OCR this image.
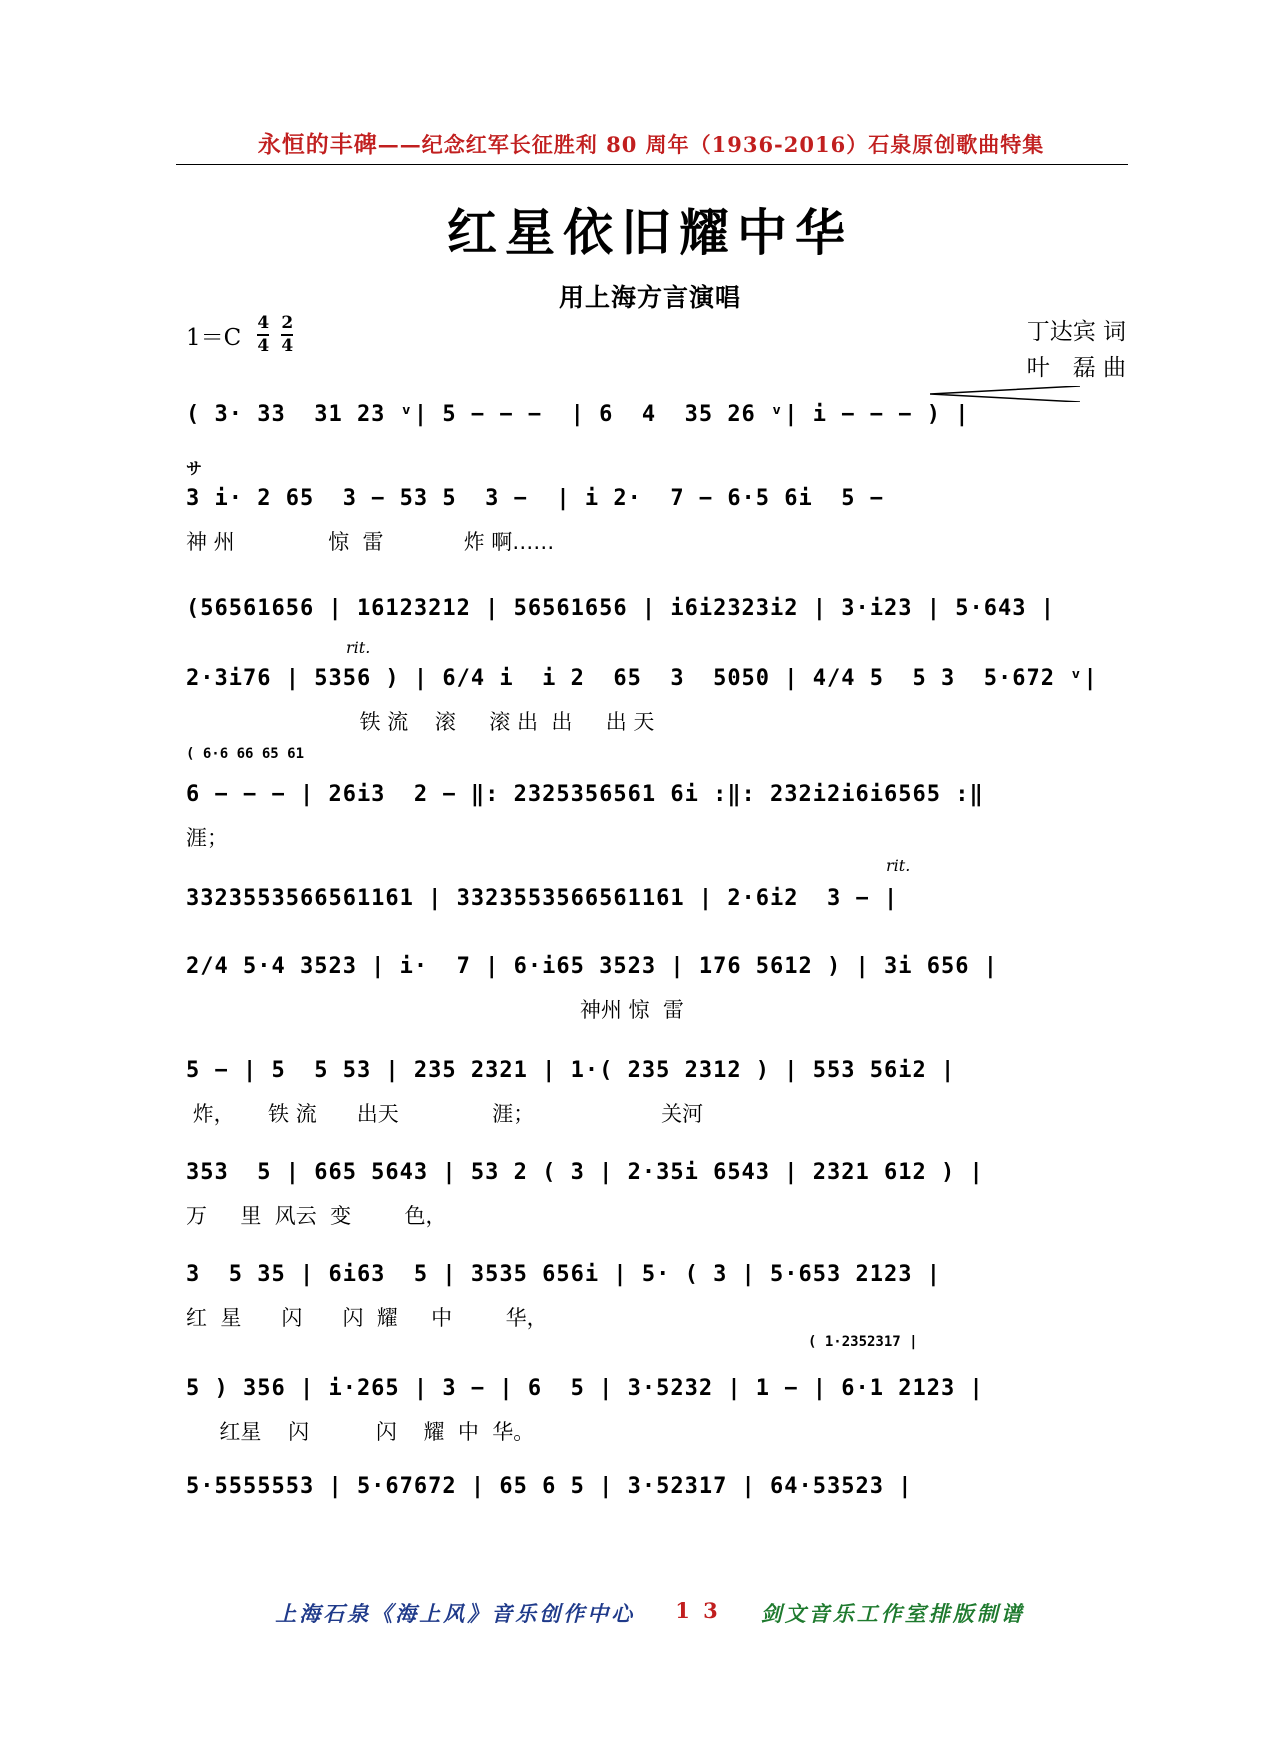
永恒的丰碑——纪念红军长征胜利 80 周年（1936-2016）石泉原创歌曲特集
红星依旧耀中华
用上海方言演唱
$1=C \frac{4}{4} \frac{2}{4}$	丁达宾 词
叶　磊 曲
( 3· 33  31 23 ᵛ| 5 − − −  | 6  4  35 26 ᵛ| i − − − ) |
サ
3 i· 2 65  3 − 53 5  3 −  | i 2·  7 − 6·5 6i  5 −
神 州              惊  雷            炸 啊……
(56561656 | 16123212 | 56561656 | i6i2323i2 | 3·i23 | 5·643 |
rit.
2·3i76 | 5356 ) | 6/4 i  i 2  65  3  5050 | 4/4 5  5 3  5·672 ᵛ|
铁 流    滚     滚 出  出     出 天
( 6·6 66 65 61
6 − − − | 26i3  2 − ‖: 2325356561 6i :‖: 232i2i6i6565 :‖
涯；
rit.
3323553566561161 | 3323553566561161 | 2·6i2  3 − |
2/4 5·4 3523 | i·  7 | 6·i65 3523 | 176 5612 ) | 3i 656 |
神州 惊  雷
5 − | 5  5 53 | 235 2321 | 1·( 235 2312 ) | 553 56i2 |
炸，     铁 流      出天              涯；                   关河
353  5 | 665 5643 | 53 2 ( 3 | 2·35i 6543 | 2321 612 ) |
万     里  风云  变        色，
3  5 35 | 6i63  5 | 3535 656i | 5· ( 3 | 5·653 2123 |
红  星      闪      闪  耀     中        华，
( 1·2352317 |
5 ) 356 | i·265 | 3 − | 6  5 | 3·5232 | 1 − | 6·1 2123 |
红星    闪          闪    耀  中  华。
5·5555553 | 5·67672 | 65 6 5 | 3·52317 | 64·53523 |
上海石泉《海上风》音乐创作中心 1 3 剑文音乐工作室排版制谱
